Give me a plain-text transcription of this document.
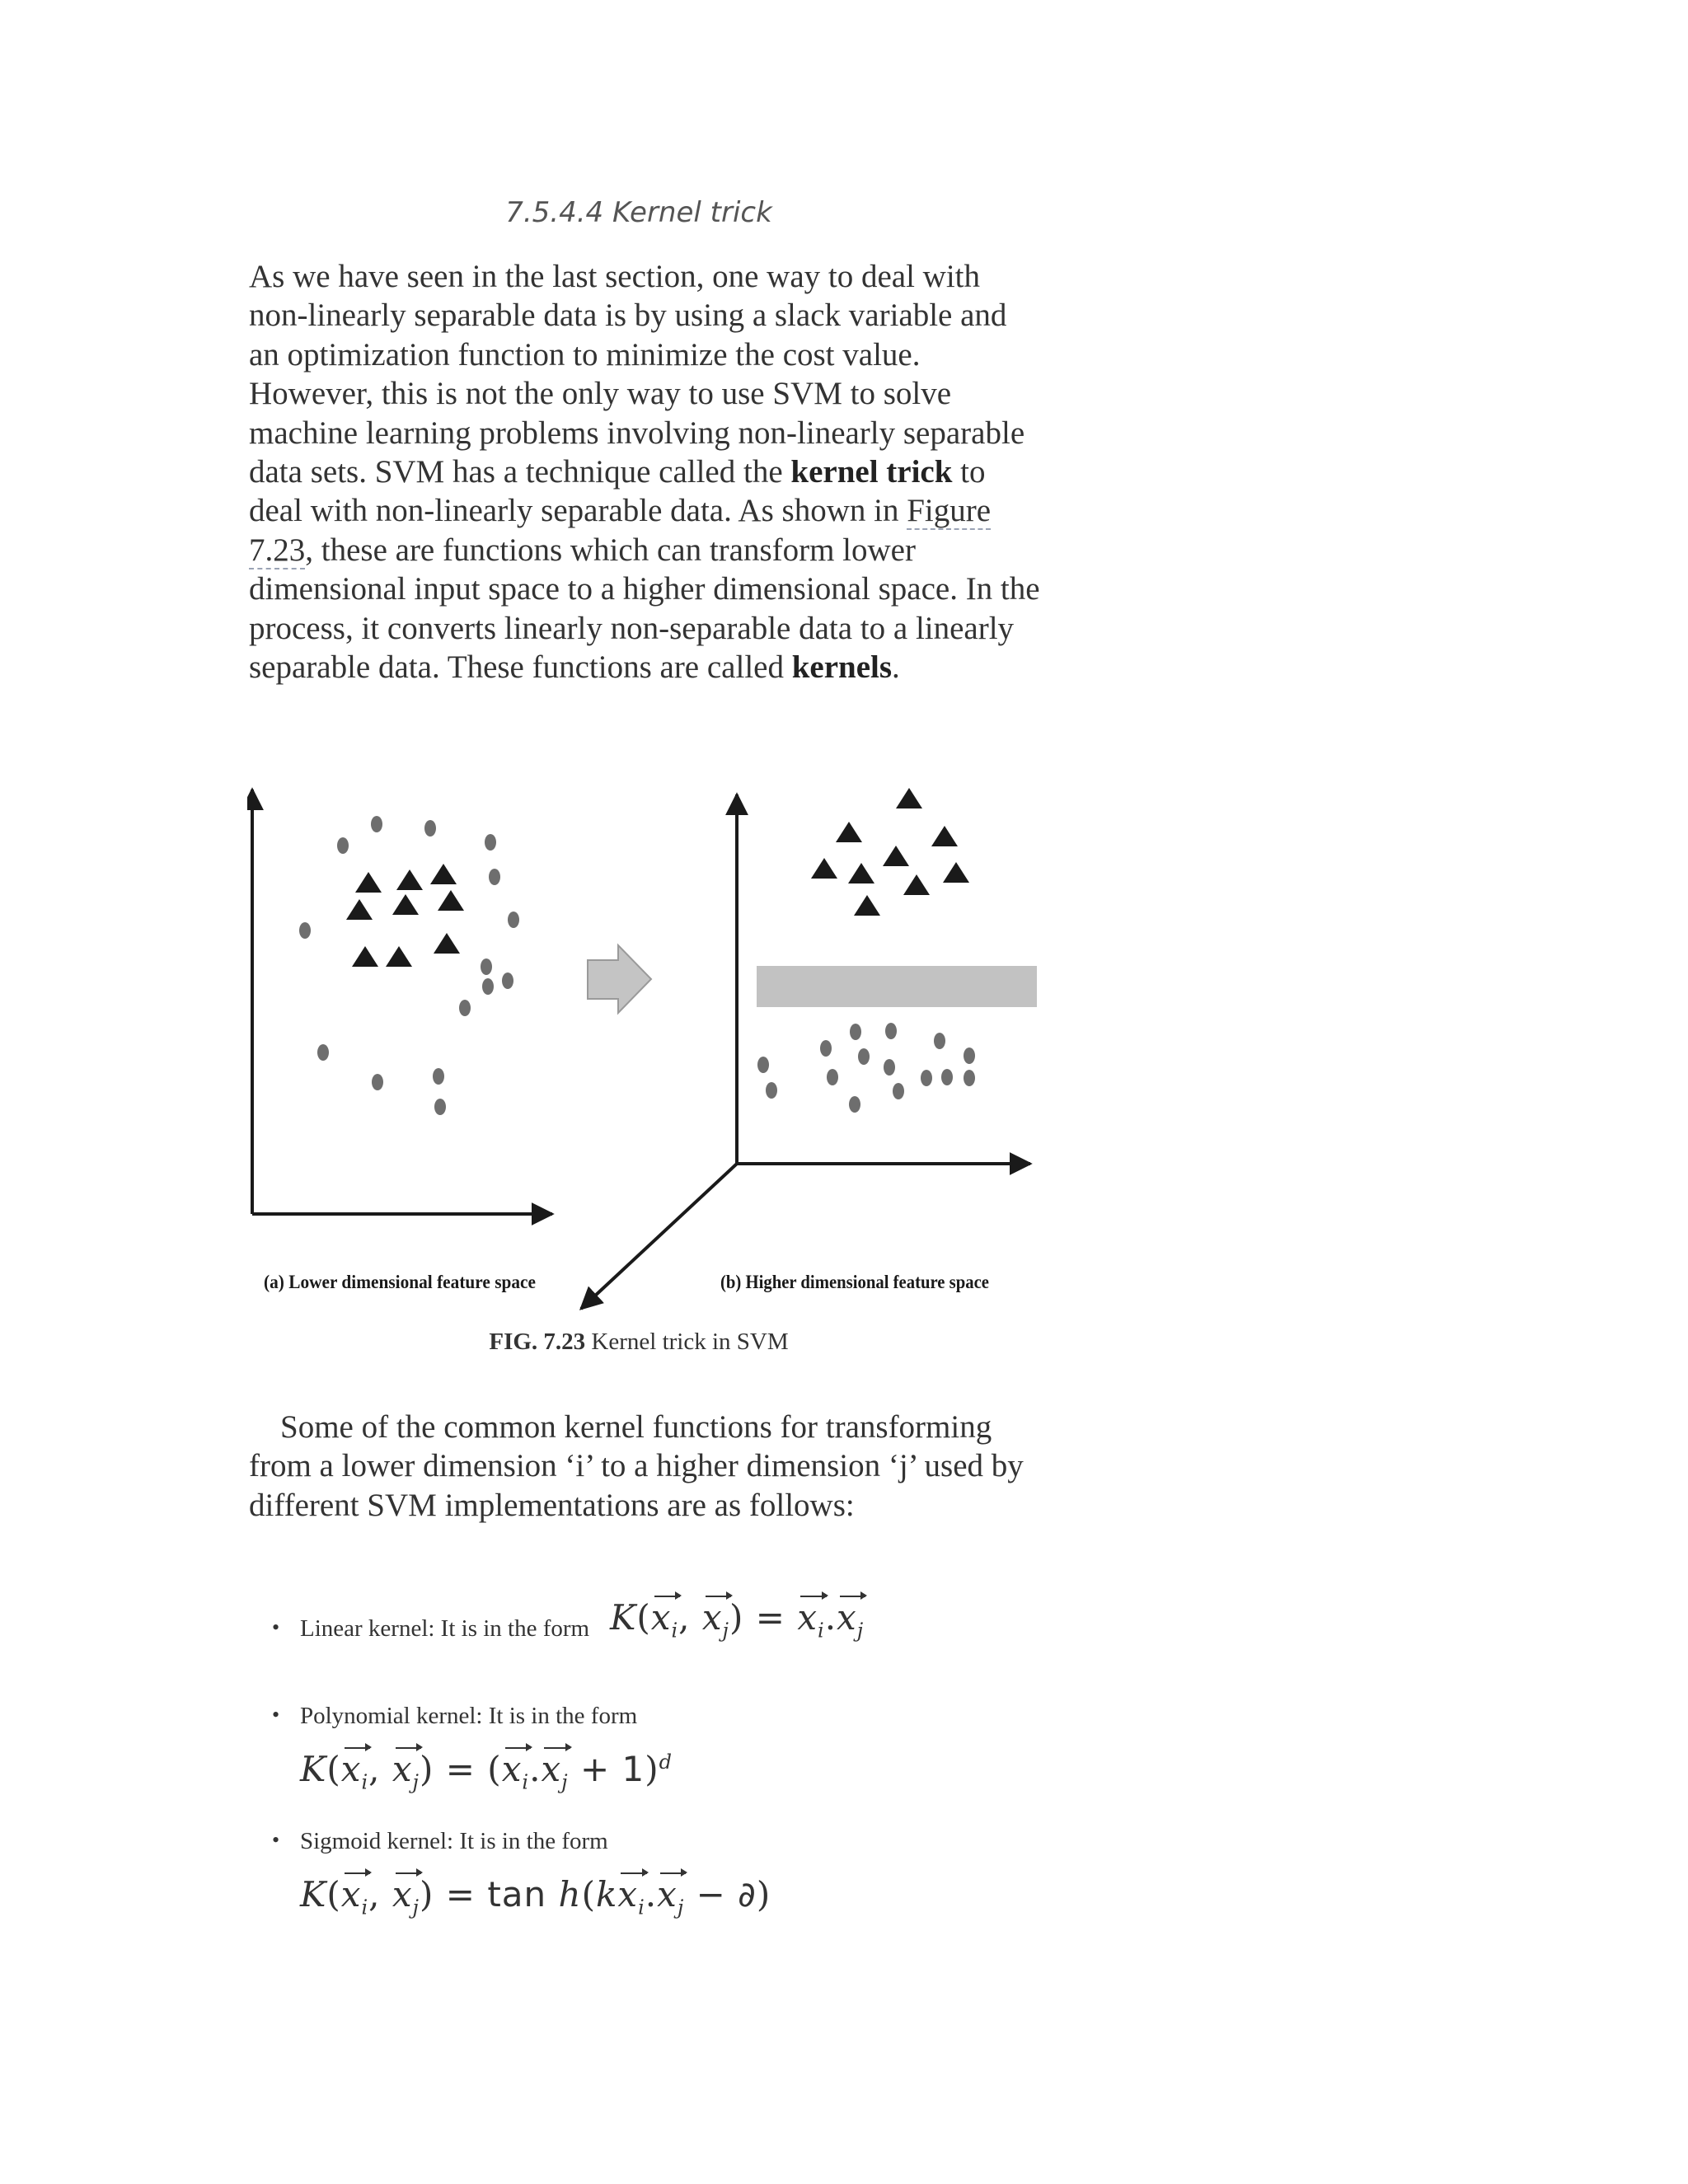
7.5.4.4 Kernel trick

As we have seen in the last section, one way to deal with non-linearly separable data is by using a slack variable and an optimization function to minimize the cost value. However, this is not the only way to use SVM to solve machine learning problems involving non-linearly separable data sets. SVM has a technique called the kernel trick to deal with non-linearly separable data. As shown in Figure 7.23, these are functions which can transform lower dimensional input space to a higher dimensional space. In the process, it converts linearly non-separable data to a linearly separable data. These functions are called kernels.

(a) Lower dimensional feature space	(b) Higher dimensional feature space
FIG. 7.23 Kernel trick in SVM

Some of the common kernel functions for transforming from a lower dimension ‘i’ to a higher dimension ‘j’ used by different SVM implementations are as follows:

• Linear kernel: It is in the form $K(x_i$, $x_j) = x_i.x_j$
• Polynomial kernel: It is in the form
$K(x_i$, $x_j) = (x_i.x_j + 1)^d$
• Sigmoid kernel: It is in the form
$K(x_i$, $x_j) = \tan h(kx_i.x_j$ − ∂)
